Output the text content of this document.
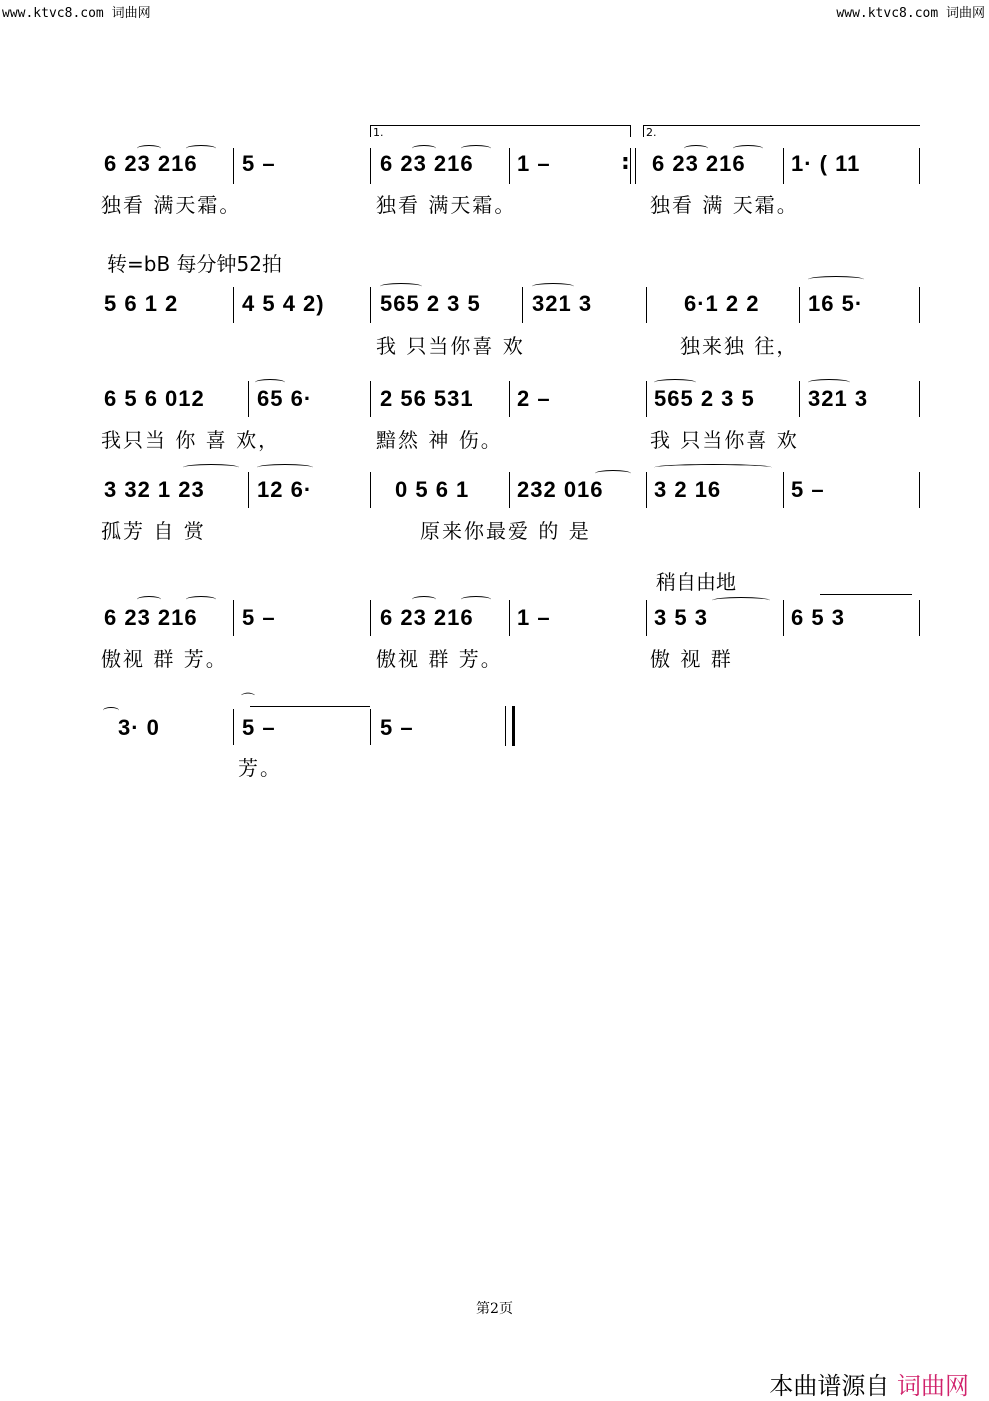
www.ktvc8.com 词曲网	www.ktvc8.com 词曲网
1.	2.
6 23 216 5 –	6 23 216 1 –	: 6 23 216 1· ( 11
独看 满天霜。	独看 满天霜。	独看 满 天霜。
转=bB 每分钟52拍
5 6 1 2	4 5 4 2)	565 2 3 5 321 3	6·1 2 2 16 5·
我 只当你喜 欢	独来独 往，
6 5 6 012 65 6·	2 56 531 2 –	565 2 3 5 321 3
我只当 你 喜 欢，	黯然 神 伤。	我 只当你喜 欢
3 32 1 23 12 6·	0 5 6 1 232 016 3 2 16	5 –
孤芳 自 赏	原来你最爱 的 是
稍自由地
6 23 216 5 –	6 23 216 1 –	3 5 3	6 5 3
傲视 群 芳。	傲视 群 芳。	傲 视 群
3· 0	5 –	5 –
⌒
芳。
第2页
本曲谱源自 词曲网
